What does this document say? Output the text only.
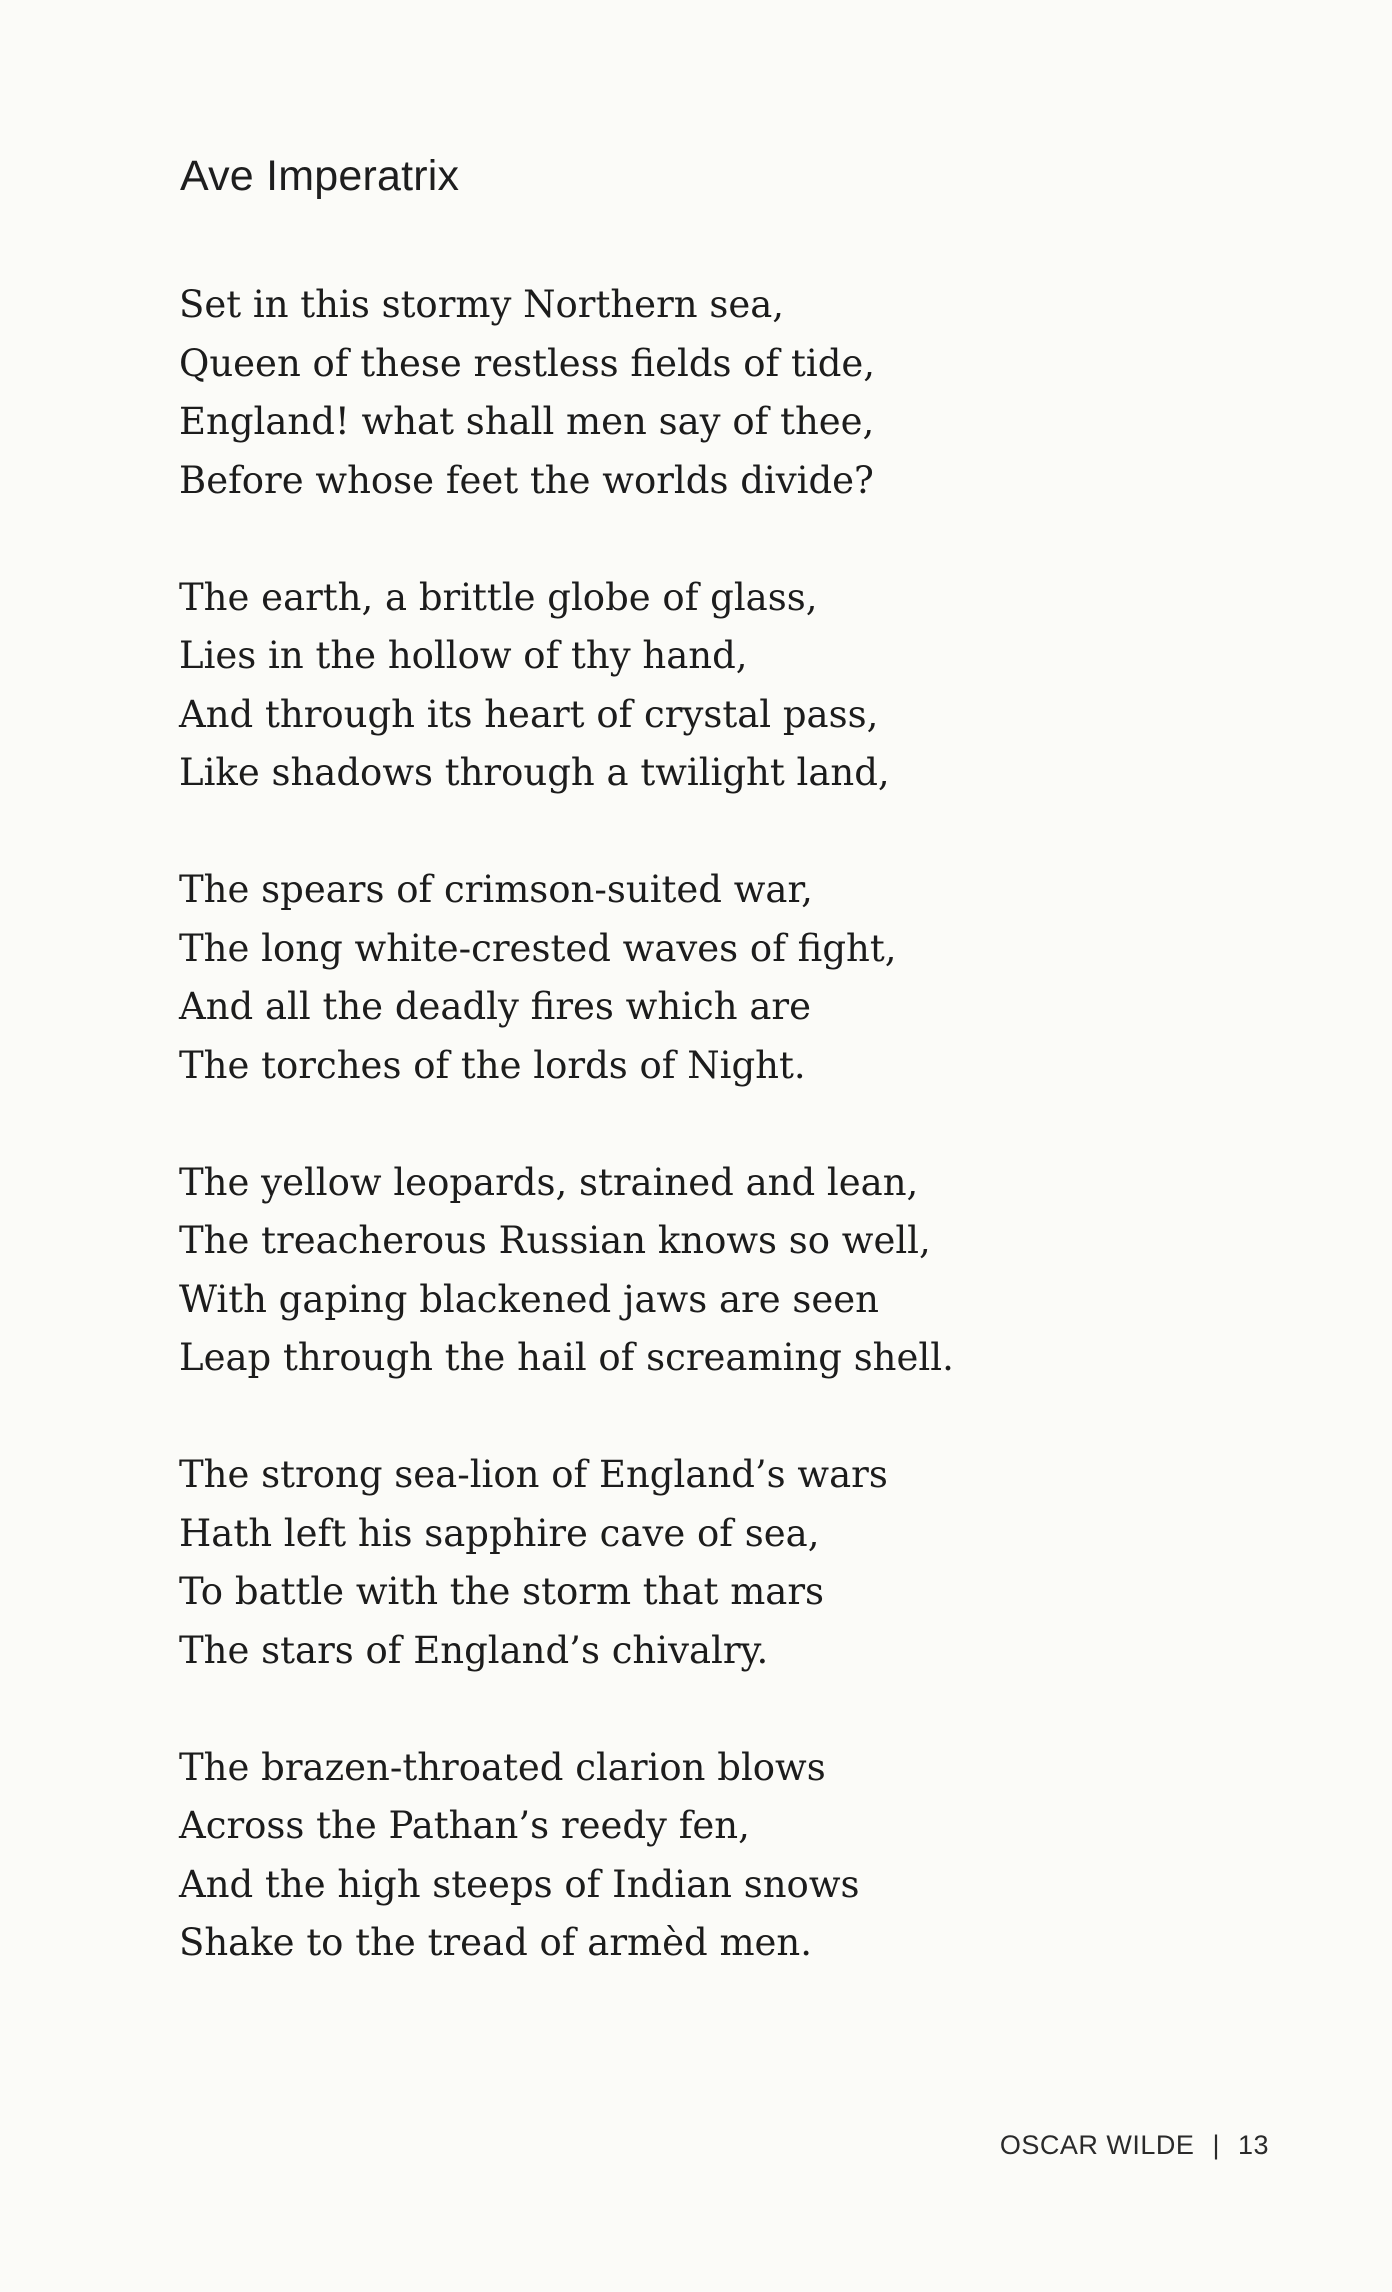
Ave Imperatrix
Set in this stormy Northern sea,
Queen of these restless fields of tide,
England! what shall men say of thee,
Before whose feet the worlds divide?
The earth, a brittle globe of glass,
Lies in the hollow of thy hand,
And through its heart of crystal pass,
Like shadows through a twilight land,
The spears of crimson-suited war,
The long white-crested waves of fight,
And all the deadly fires which are
The torches of the lords of Night.
The yellow leopards, strained and lean,
The treacherous Russian knows so well,
With gaping blackened jaws are seen
Leap through the hail of screaming shell.
The strong sea-lion of England’s wars
Hath left his sapphire cave of sea,
To battle with the storm that mars
The stars of England’s chivalry.
The brazen-throated clarion blows
Across the Pathan’s reedy fen,
And the high steeps of Indian snows
Shake to the tread of armèd men.
OSCAR WILDE | 13
